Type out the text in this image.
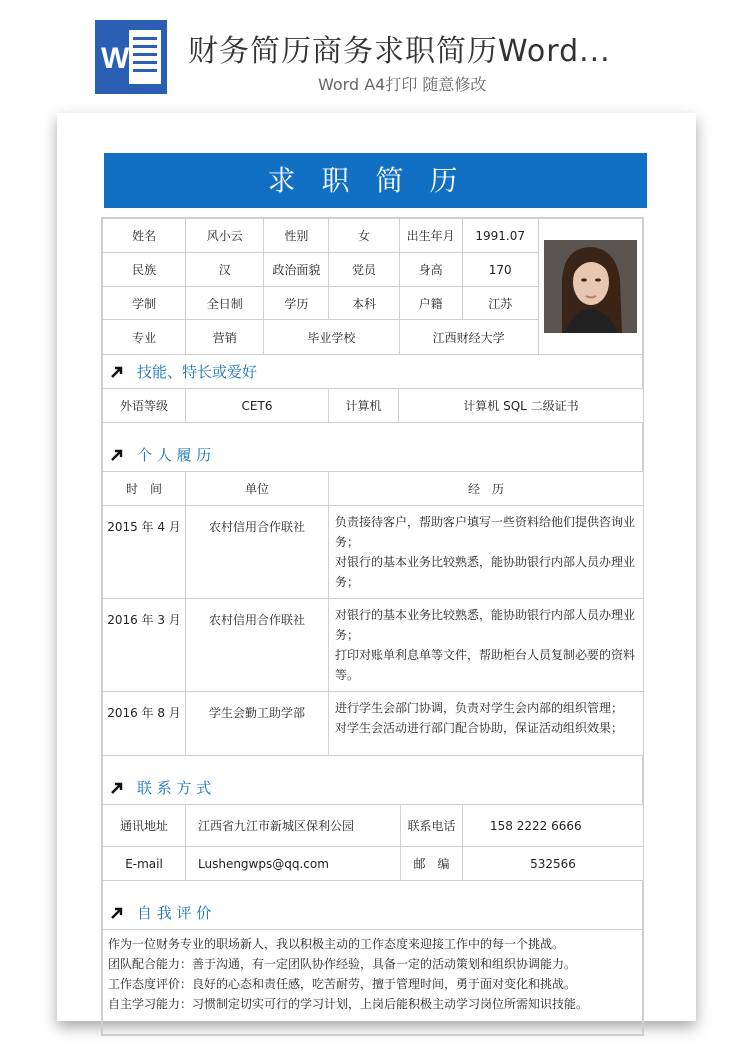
W 财务简历商务求职简历Word...
Word A4打印 随意修改
求职简历
姓名	风小云	性别	女	出生年月	1991.07	

民族	汉	政治面貌	党员	身高	170	
学制	全日制	学历	本科	户籍	江苏	
专业	营销	毕业学校		江西财经大学		
技能、特长或爱好
外语等级	CET6	计算机	计算机 SQL 二级证书
个 人 履 历
时　间	单位	经　历
2015 年 4 月	农村信用合作联社	负责接待客户，帮助客户填写一些资料给他们提供咨询业务；
对银行的基本业务比较熟悉，能协助银行内部人员办理业务；

2016 年 3 月	农村信用合作联社	对银行的基本业务比较熟悉，能协助银行内部人员办理业务；
打印对账单利息单等文件，帮助柜台人员复制必要的资料等。

2016 年 8 月	学生会勤工助学部	进行学生会部门协调，负责对学生会内部的组织管理；
对学生会活动进行部门配合协助，保证活动组织效果；
联 系 方 式
通讯地址	江西省九江市新城区保利公园	联系电话	158 2222 6666
E-mail	Lushengwps@qq.com	邮　编	532566
自 我 评 价
作为一位财务专业的职场新人，我以积极主动的工作态度来迎接工作中的每一个挑战。
团队配合能力：善于沟通，有一定团队协作经验，具备一定的活动策划和组织协调能力。
工作态度评价：良好的心态和责任感，吃苦耐劳，擅于管理时间，勇于面对变化和挑战。
自主学习能力：习惯制定切实可行的学习计划，上岗后能积极主动学习岗位所需知识技能。
